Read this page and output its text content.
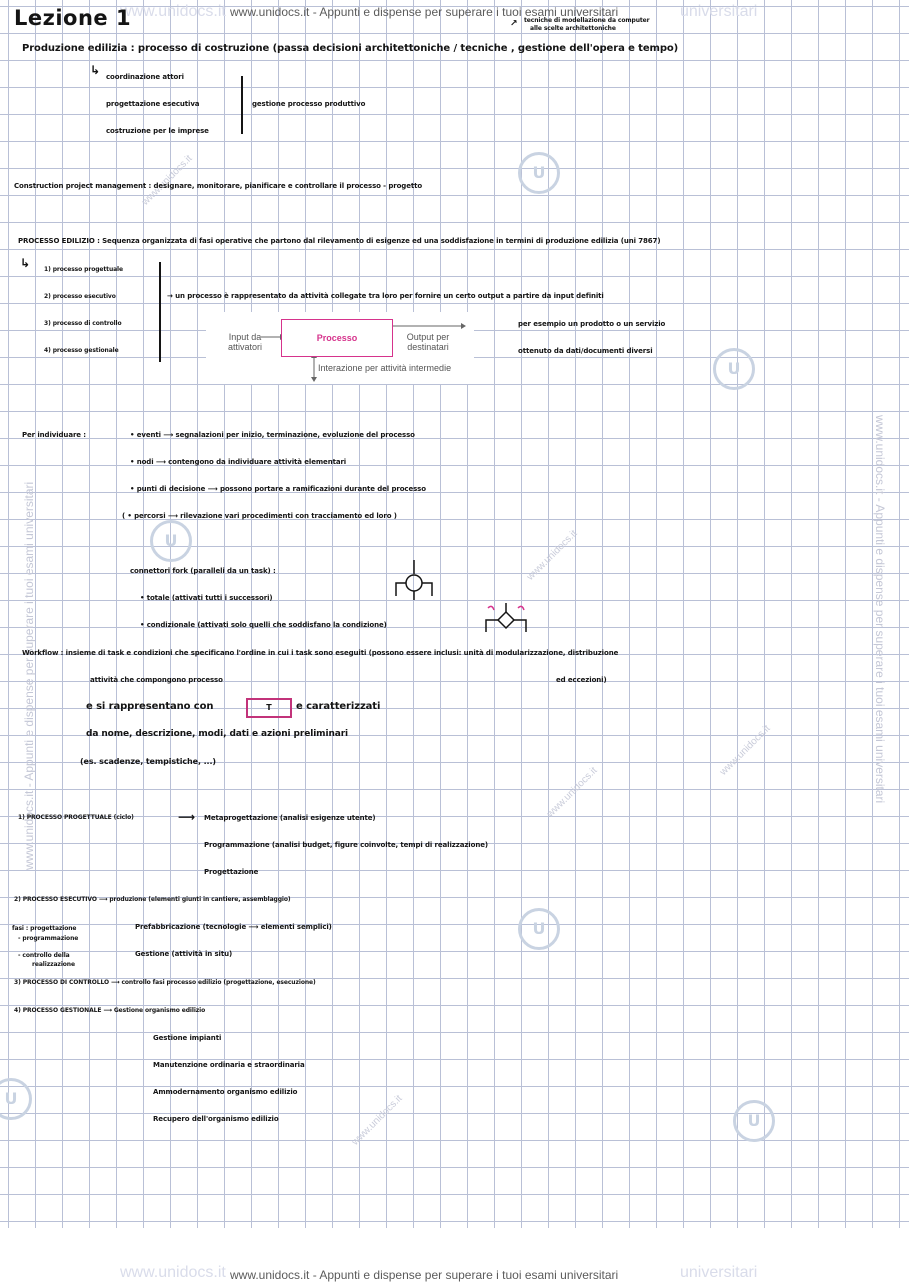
www.unidocs.it	universitari
www.unidocs.it - Appunti e dispense per superare i tuoi esami universitari
www.unidocs.it - Appunti e dispense per superare i tuoi esami universitari	www.unidocs.it - Appunti e dispense per superare i tuoi esami universitari
www.unidocs.it
www.unidocs.it
www.unidocs.it
www.unidocs.it
www.unidocs.it
U
U
U
U
U
U
Lezione 1	↗ tecniche di modellazione da computer
alle scelte architettoniche
Produzione edilizia : processo di costruzione (passa decisioni architettoniche / tecniche , gestione dell'opera e tempo)
↳ coordinazione attori
progettazione esecutiva
costruzione per le imprese
gestione processo produttivo
Construction project management : designare, monitorare, pianificare e controllare il processo - progetto
PROCESSO EDILIZIO : Sequenza organizzata di fasi operative che partono dal rilevamento di esigenze ed una soddisfazione in termini di produzione edilizia (uni 7867)
↳ 1) processo progettuale
2) processo esecutivo
3) processo di controllo
4) processo gestionale
→ un processo è rappresentato da attività collegate tra loro per fornire un certo output a partire da input definiti
per esempio un prodotto o un servizio
ottenuto da dati/documenti diversi
Input da
attivatori
Processo	Output per
destinatari
Interazione per attività intermedie
Per individuare :	• eventi ⟶ segnalazioni per inizio, terminazione, evoluzione del processo
• nodi ⟶ contengono da individuare attività elementari
• punti di decisione ⟶ possono portare a ramificazioni durante del processo
( • percorsi ⟶ rilevazione vari procedimenti con tracciamento ed loro )
connettori fork (paralleli da un task) :
• totale (attivati tutti i successori)
• condizionale (attivati solo quelli che soddisfano la condizione)
Workflow : insieme di task e condizioni che specificano l'ordine in cui i task sono eseguiti (possono essere inclusi: unità di modularizzazione, distribuzione
attività che compongono processo	ed eccezioni)
e si rappresentano con	T	e caratterizzati
da nome, descrizione, modi, dati e azioni preliminari
(es. scadenze, tempistiche, ...)
1) PROCESSO PROGETTUALE (ciclo)	⟶ Metaprogettazione (analisi esigenze utente)
Programmazione (analisi budget, figure coinvolte, tempi di realizzazione)
Progettazione
2) PROCESSO ESECUTIVO ⟶ produzione (elementi giunti in cantiere, assemblaggio)
fasi : progettazione
- programmazione
- controllo della
realizzazione
Prefabbricazione (tecnologie ⟶ elementi semplici)
Gestione (attività in situ)
3) PROCESSO DI CONTROLLO ⟶ controllo fasi processo edilizio (progettazione, esecuzione)
4) PROCESSO GESTIONALE ⟶ Gestione organismo edilizio
Gestione impianti
Manutenzione ordinaria e straordinaria
Ammodernamento organismo edilizio
Recupero dell'organismo edilizio
www.unidocs.it	universitari
www.unidocs.it - Appunti e dispense per superare i tuoi esami universitari
